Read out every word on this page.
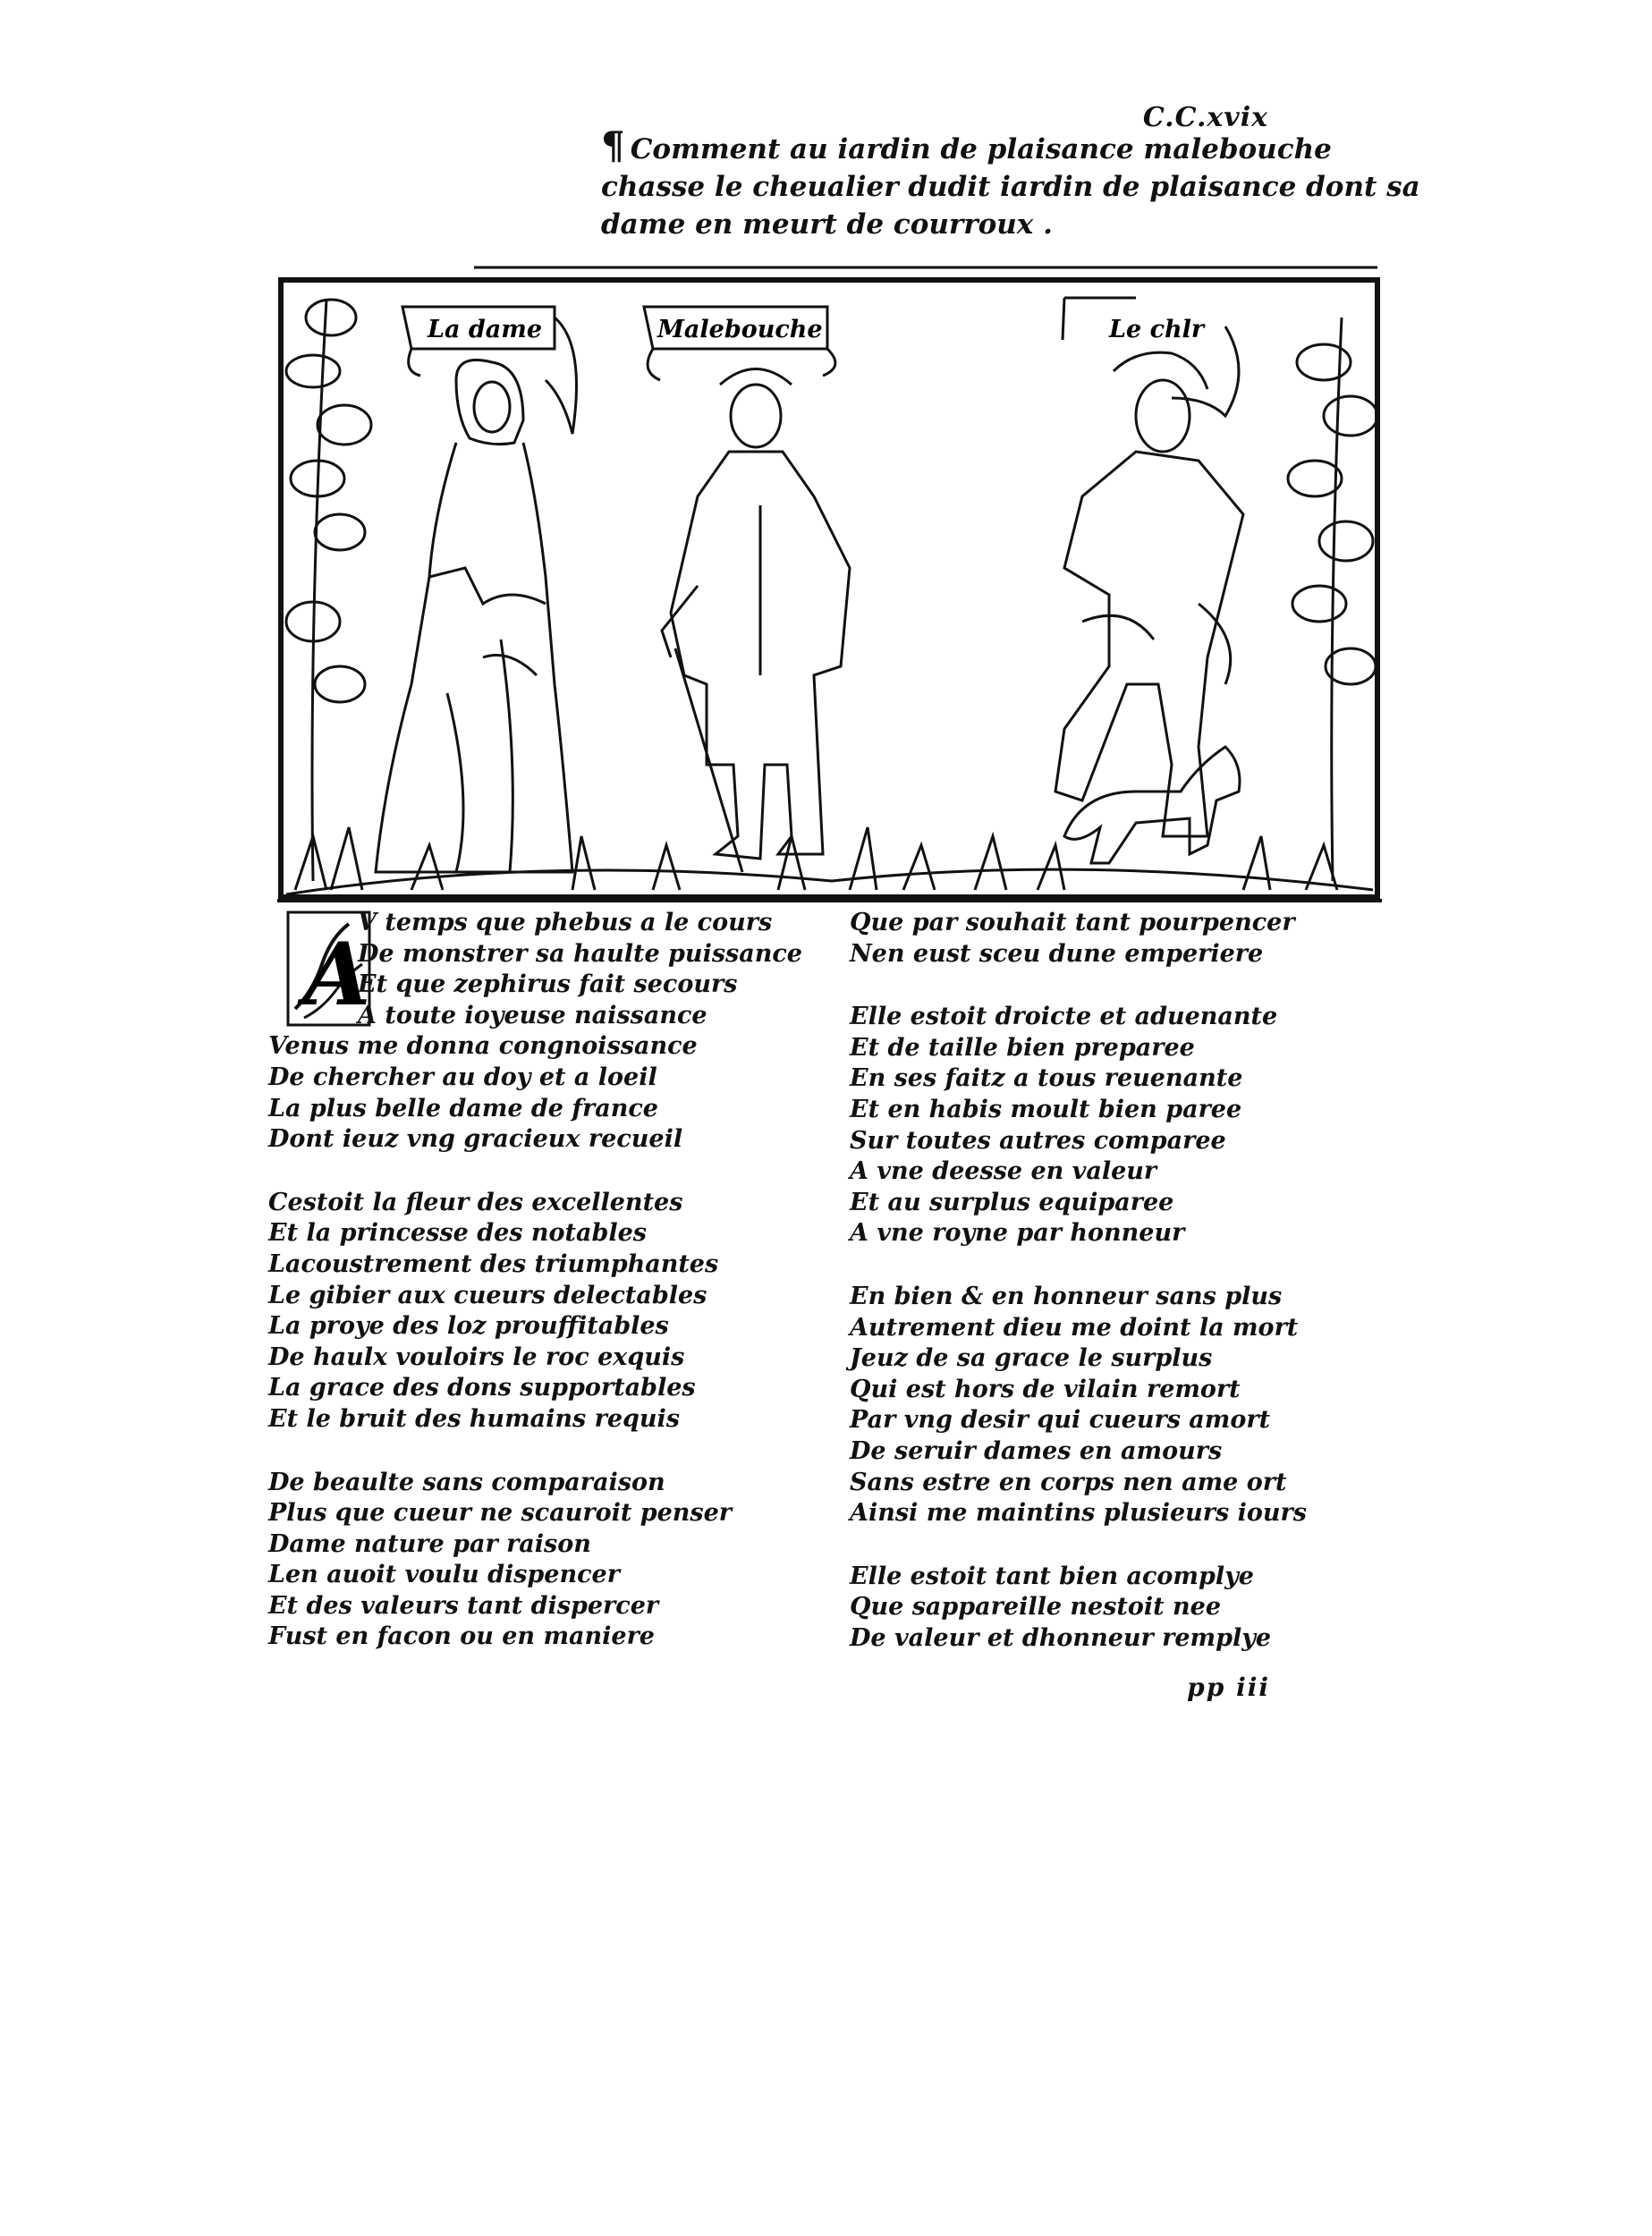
C.C.xvix
¶ Comment au iardin de plaisance malebouche
chasse le cheualier dudit iardin de plaisance dont sa
dame en meurt de courroux .
La dame	Malebouche	Le chlr
A
V temps que phebus a le cours
De monstrer sa haulte puissance
Et que zephirus fait secours
A toute ioyeuse naissance
Venus me donna congnoissance
De chercher au doy et a loeil
La plus belle dame de france
Dont ieuz vng gracieux recueil
Cestoit la fleur des excellentes
Et la princesse des notables
Lacoustrement des triumphantes
Le gibier aux cueurs delectables
La proye des loz prouffitables
De haulx vouloirs le roc exquis
La grace des dons supportables
Et le bruit des humains requis
De beaulte sans comparaison
Plus que cueur ne scauroit penser
Dame nature par raison
Len auoit voulu dispencer
Et des valeurs tant dispercer
Fust en facon ou en maniere
Que par souhait tant pourpencer
Nen eust sceu dune emperiere
Elle estoit droicte et aduenante
Et de taille bien preparee
En ses faitz a tous reuenante
Et en habis moult bien paree
Sur toutes autres comparee
A vne deesse en valeur
Et au surplus equiparee
A vne royne par honneur
En bien & en honneur sans plus
Autrement dieu me doint la mort
Jeuz de sa grace le surplus
Qui est hors de vilain remort
Par vng desir qui cueurs amort
De seruir dames en amours
Sans estre en corps nen ame ort
Ainsi me maintins plusieurs iours
Elle estoit tant bien acomplye
Que sappareille nestoit nee
De valeur et dhonneur remplye
pp iii
